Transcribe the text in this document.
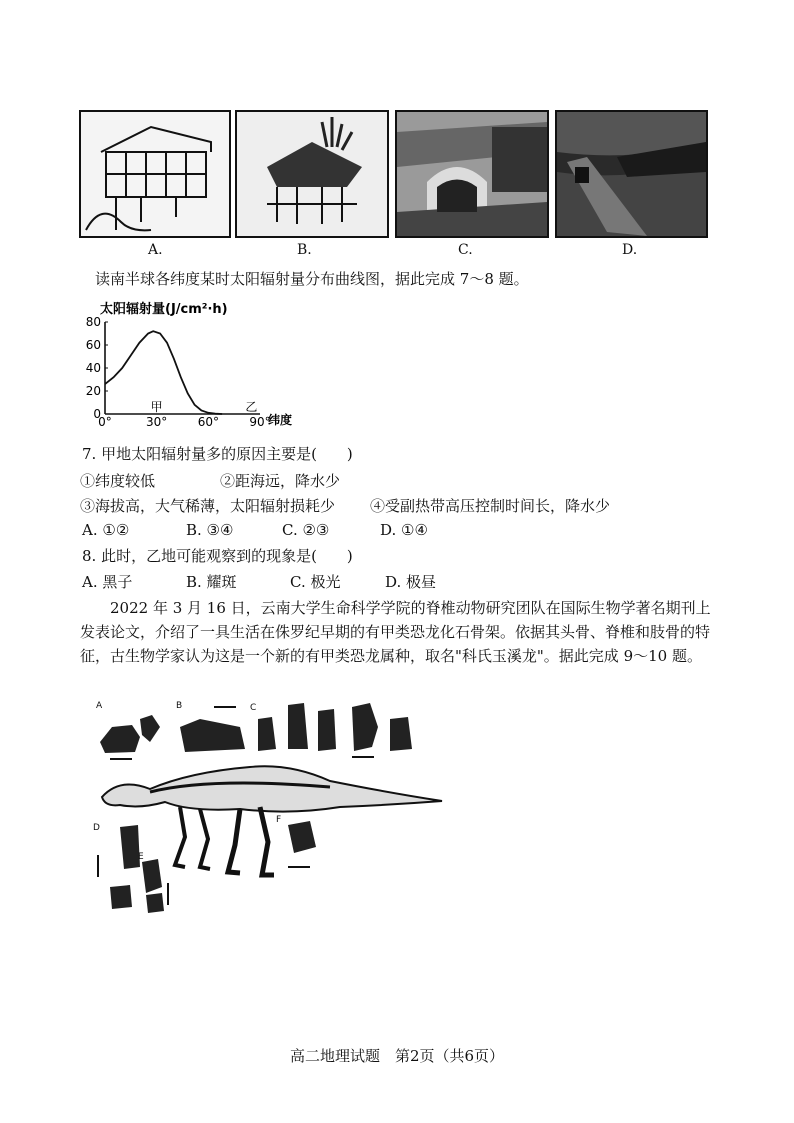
A.	B.	C.	D.
读南半球各纬度某时太阳辐射量分布曲线图，据此完成 7～8 题。
太阳辐射量(J/cm²·h)
0
20
40
60
80
0°	30°	60°	90°
甲	乙
纬度
7. 甲地太阳辐射量多的原因主要是(　　)
①纬度较低	②距海远，降水少
③海拔高，大气稀薄，太阳辐射损耗少 ④受副热带高压控制时间长，降水少
A. ①②	B. ③④	C. ②③	D. ①④
8. 此时，乙地可能观察到的现象是(　　)
A. 黑子	B. 耀斑	C. 极光	D. 极昼
2022 年 3 月 16 日，云南大学生命科学学院的脊椎动物研究团队在国际生物学著名期刊上发表论文，介绍了一具生活在侏罗纪早期的有甲类恐龙化石骨架。依据其头骨、脊椎和肢骨的特征，古生物学家认为这是一个新的有甲类恐龙属种，取名"科氏玉溪龙"。据此完成 9～10 题。
A	B	C
D
E
F
高二地理试题　第2页（共6页）
